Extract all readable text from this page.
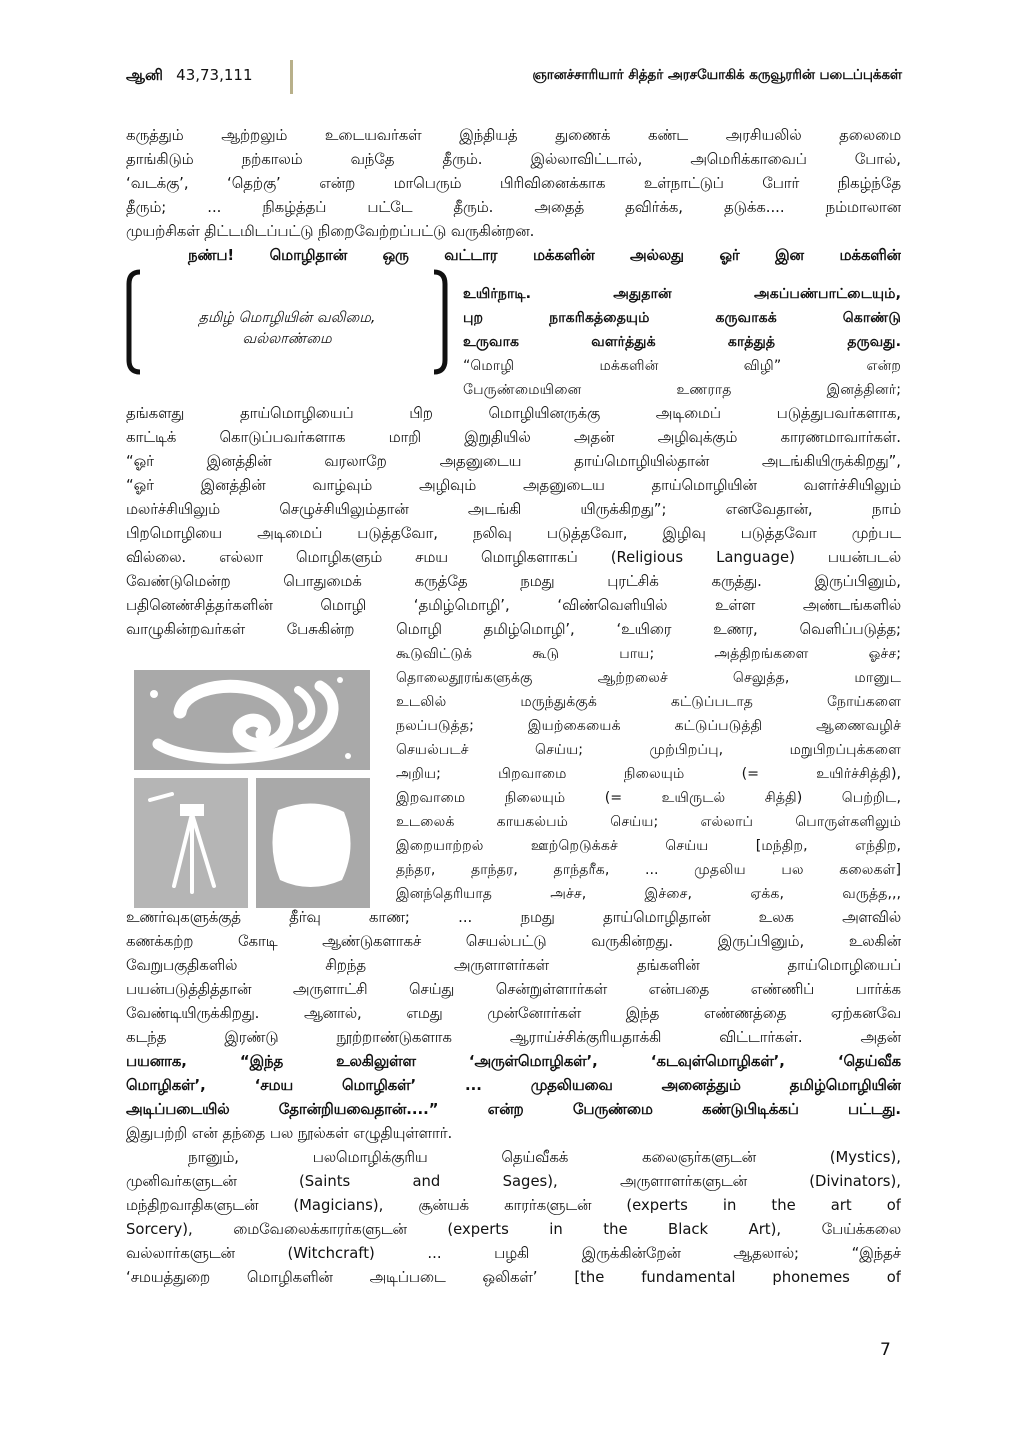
ஆனி 43,73,111	ஞானச்சாரியார் சித்தர் அரசயோகிக் கருவூரரின் படைப்புக்கள்
கருத்தும் ஆற்றலும் உடையவர்கள் இந்தியத் துணைக் கண்ட அரசியலில் தலைமை
தாங்கிடும் நற்காலம் வந்தே தீரும். இல்லாவிட்டால், அமெரிக்காவைப் போல்,
‘வடக்கு’, ‘தெற்கு’ என்ற மாபெரும் பிரிவினைக்காக உள்நாட்டுப் போர் நிகழ்ந்தே
தீரும்; ... நிகழ்த்தப் பட்டே தீரும். அதைத் தவிர்க்க, தடுக்க.... நம்மாலான
முயற்சிகள் திட்டமிடப்பட்டு நிறைவேற்றப்பட்டு வருகின்றன.
நண்ப! மொழிதான் ஒரு வட்டார மக்களின் அல்லது ஓர் இன மக்களின்
தமிழ் மொழியின் வலிமை,
வல்லாண்மை
உயிர்நாடி. அதுதான் அகப்பண்பாட்டையும்,
புற நாகரிகத்தையும் கருவாகக் கொண்டு
உருவாக வளர்த்துக் காத்துத் தருவது.
“மொழி மக்களின் விழி” என்ற
பேருண்மையினை உணராத இனத்தினர்;
தங்களது தாய்மொழியைப் பிற மொழியினருக்கு அடிமைப் படுத்துபவர்களாக,
காட்டிக் கொடுப்பவர்களாக மாறி இறுதியில் அதன் அழிவுக்கும் காரணமாவார்கள்.
“ஓர் இனத்தின் வரலாறே அதனுடைய தாய்மொழியில்தான் அடங்கியிருக்கிறது”,
“ஓர் இனத்தின் வாழ்வும் அழிவும் அதனுடைய தாய்மொழியின் வளர்ச்சியிலும்
மலர்ச்சியிலும் செழுச்சியிலும்தான் அடங்கி யிருக்கிறது”; எனவேதான், நாம்
பிறமொழியை அடிமைப் படுத்தவோ, நலிவு படுத்தவோ, இழிவு படுத்தவோ முற்பட
வில்லை. எல்லா மொழிகளும் சமய மொழிகளாகப் (Religious Language) பயன்படல்
வேண்டுமென்ற பொதுமைக் கருத்தே நமது புரட்சிக் கருத்து. இருப்பினும்,
பதினெண்சித்தர்களின் மொழி ‘தமிழ்மொழி’, ‘விண்வெளியில் உள்ள அண்டங்களில்
வாழுகின்றவர்கள் பேசுகின்ற மொழி தமிழ்மொழி’, ‘உயிரை உணர, வெளிப்படுத்த;
கூடுவிட்டுக் கூடு பாய; அத்திறங்களை ஓச்ச;
தொலைதூரங்களுக்கு ஆற்றலைச் செலுத்த, மானுட
உடலில் மருந்துக்குக் கட்டுப்படாத நோய்களை
நலப்படுத்த; இயற்கையைக் கட்டுப்படுத்தி ஆணைவழிச்
செயல்படச் செய்ய; முற்பிறப்பு, மறுபிறப்புக்களை
அறிய; பிறவாமை நிலையும் (= உயிர்ச்சித்தி),
இறவாமை நிலையும் (= உயிருடல் சித்தி) பெற்றிட,
உடலைக் காயகல்பம் செய்ய; எல்லாப் பொருள்களிலும்
இறையாற்றல் ஊற்றெடுக்கச் செய்ய [மந்திற, எந்திற,
தந்தர, தாந்தர, தாந்தரீக, ... முதலிய பல கலைகள்]
இனந்தெரியாத அச்ச, இச்சை, ஏக்க, வருத்த,,,
உணர்வுகளுக்குத் தீர்வு காண; ... நமது தாய்மொழிதான் உலக அளவில்
கணக்கற்ற கோடி ஆண்டுகளாகச் செயல்பட்டு வருகின்றது. இருப்பினும், உலகின்
வேறுபகுதிகளில் சிறந்த அருளாளர்கள் தங்களின் தாய்மொழியைப்
பயன்படுத்தித்தான் அருளாட்சி செய்து சென்றுள்ளார்கள் என்பதை எண்ணிப் பார்க்க
வேண்டியிருக்கிறது. ஆனால், எமது முன்னோர்கள் இந்த எண்ணத்தை ஏற்கனவே
கடந்த இரண்டு நூற்றாண்டுகளாக ஆராய்ச்சிக்குரியதாக்கி விட்டார்கள். அதன்
பயனாக, “இந்த உலகிலுள்ள ‘அருள்மொழிகள்’, ‘கடவுள்மொழிகள்’, ‘தெய்வீக
மொழிகள்’, ‘சமய மொழிகள்’ ... முதலியவை அனைத்தும் தமிழ்மொழியின்
அடிப்படையில் தோன்றியவைதான்....” என்ற பேருண்மை கண்டுபிடிக்கப் பட்டது.
இதுபற்றி என் தந்தை பல நூல்கள் எழுதியுள்ளார்.
நானும், பலமொழிக்குரிய தெய்வீகக் கலைஞர்களுடன் (Mystics),
முனிவர்களுடன் (Saints and Sages), அருளாளர்களுடன் (Divinators),
மந்திறவாதிகளுடன் (Magicians), சூன்யக் காரர்களுடன் (experts in the art of
Sorcery), மைவேலைக்காரர்களுடன் (experts in the Black Art), பேய்க்கலை
வல்லார்களுடன் (Witchcraft) ... பழகி இருக்கின்றேன் ஆதலால்; “இந்தச்
‘சமயத்துறை மொழிகளின் அடிப்படை ஒலிகள்’ [the fundamental phonemes of
7
